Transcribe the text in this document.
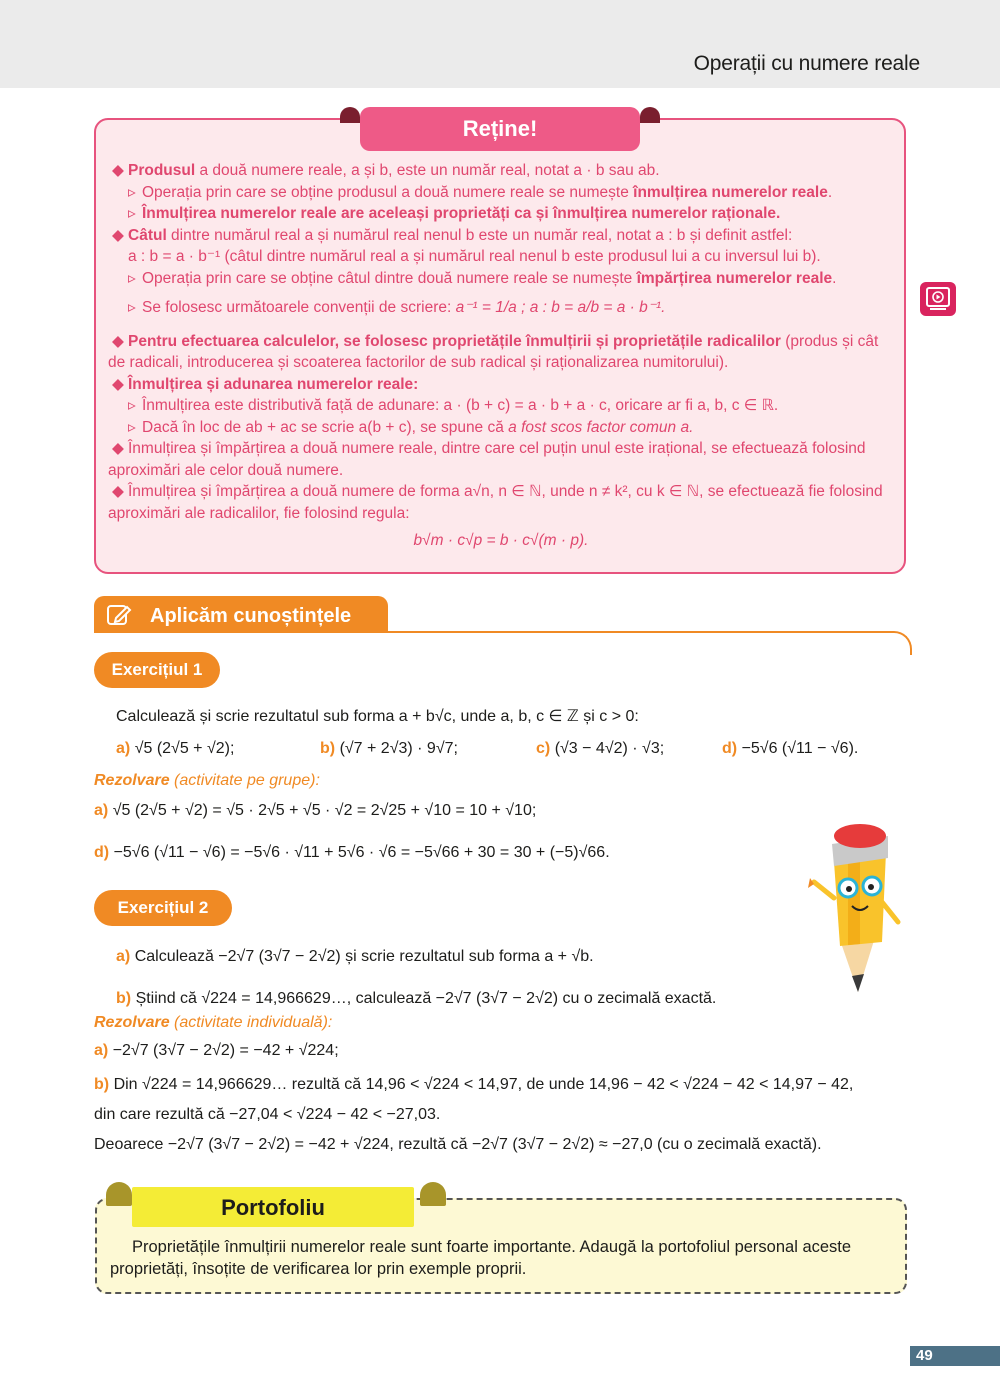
Operații cu numere reale
Reține!

◆ Produsul a două numere reale, a și b, este un număr real, notat a · b sau ab.

▹ Operația prin care se obține produsul a două numere reale se numește înmulțirea numerelor reale.

▹ Înmulțirea numerelor reale are aceleași proprietăți ca și înmulțirea numerelor raționale.

◆ Câtul dintre numărul real a și numărul real nenul b este un număr real, notat a : b și definit astfel:

a : b = a · b⁻¹ (câtul dintre numărul real a și numărul real nenul b este produsul lui a cu inversul lui b).

▹ Operația prin care se obține câtul dintre două numere reale se numește împărțirea numerelor reale.

▹ Se folosesc următoarele convenții de scriere: a⁻¹ = 1/a ; a : b = a/b = a · b⁻¹.

◆ Pentru efectuarea calculelor, se folosesc proprietățile înmulțirii și proprietățile radicalilor (produs și cât de radicali, introducerea și scoaterea factorilor de sub radical și raționalizarea numitorului).

◆ Înmulțirea și adunarea numerelor reale:

▹ Înmulțirea este distributivă față de adunare: a · (b + c) = a · b + a · c, oricare ar fi a, b, c ∈ ℝ.

▹ Dacă în loc de ab + ac se scrie a(b + c), se spune că a fost scos factor comun a.

◆ Înmulțirea și împărțirea a două numere reale, dintre care cel puțin unul este irațional, se efectuează folosind aproximări ale celor două numere.

◆ Înmulțirea și împărțirea a două numere de forma a√n, n ∈ ℕ, unde n ≠ k², cu k ∈ ℕ, se efectuează fie folosind aproximări ale radicalilor, fie folosind regula:

b√m · c√p = b · c√(m · p).

Aplicăm cunoștințele
Exercițiul 1
Calculează și scrie rezultatul sub forma a + b√c, unde a, b, c ∈ ℤ și c > 0:
a) √5 (2√5 + √2);	b) (√7 + 2√3) · 9√7;	c) (√3 − 4√2) · √3;	d) −5√6 (√11 − √6).
Rezolvare (activitate pe grupe):
a) √5 (2√5 + √2) = √5 · 2√5 + √5 · √2 = 2√25 + √10 = 10 + √10;
d) −5√6 (√11 − √6) = −5√6 · √11 + 5√6 · √6 = −5√66 + 30 = 30 + (−5)√66.
Exercițiul 2
a) Calculează −2√7 (3√7 − 2√2) și scrie rezultatul sub forma a + √b.
b) Știind că √224 = 14,966629…, calculează −2√7 (3√7 − 2√2) cu o zecimală exactă.
Rezolvare (activitate individuală):
a) −2√7 (3√7 − 2√2) = −42 + √224;
b) Din √224 = 14,966629… rezultă că 14,96 < √224 < 14,97, de unde 14,96 − 42 < √224 − 42 < 14,97 − 42,
din care rezultă că −27,04 < √224 − 42 < −27,03.
Deoarece −2√7 (3√7 − 2√2) = −42 + √224, rezultă că −2√7 (3√7 − 2√2) ≈ −27,0 (cu o zecimală exactă).
Portofoliu
Proprietățile înmulțirii numerelor reale sunt foarte importante. Adaugă la portofoliul personal aceste proprietăți, însoțite de verificarea lor prin exemple proprii.
49
